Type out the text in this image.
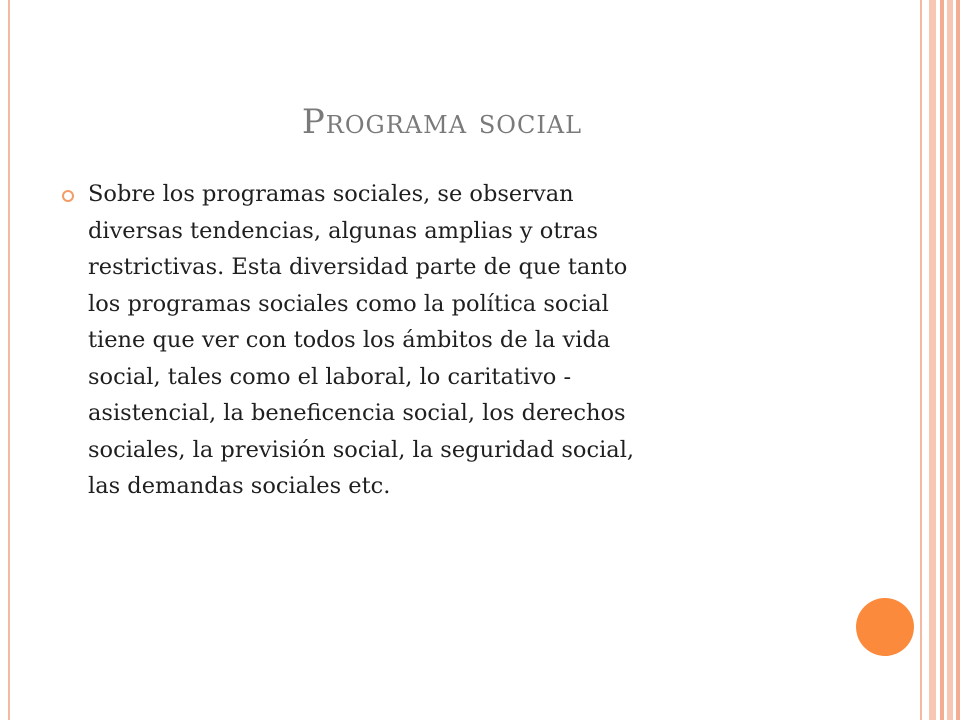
Programa social

Sobre los programas sociales, se observan
diversas tendencias, algunas amplias y otras
restrictivas. Esta diversidad parte de que tanto
los programas sociales como la política social
tiene que ver con todos los ámbitos de la vida
social, tales como el laboral, lo caritativo -
asistencial, la beneficencia social, los derechos
sociales, la previsión social, la seguridad social,
las demandas sociales etc.
